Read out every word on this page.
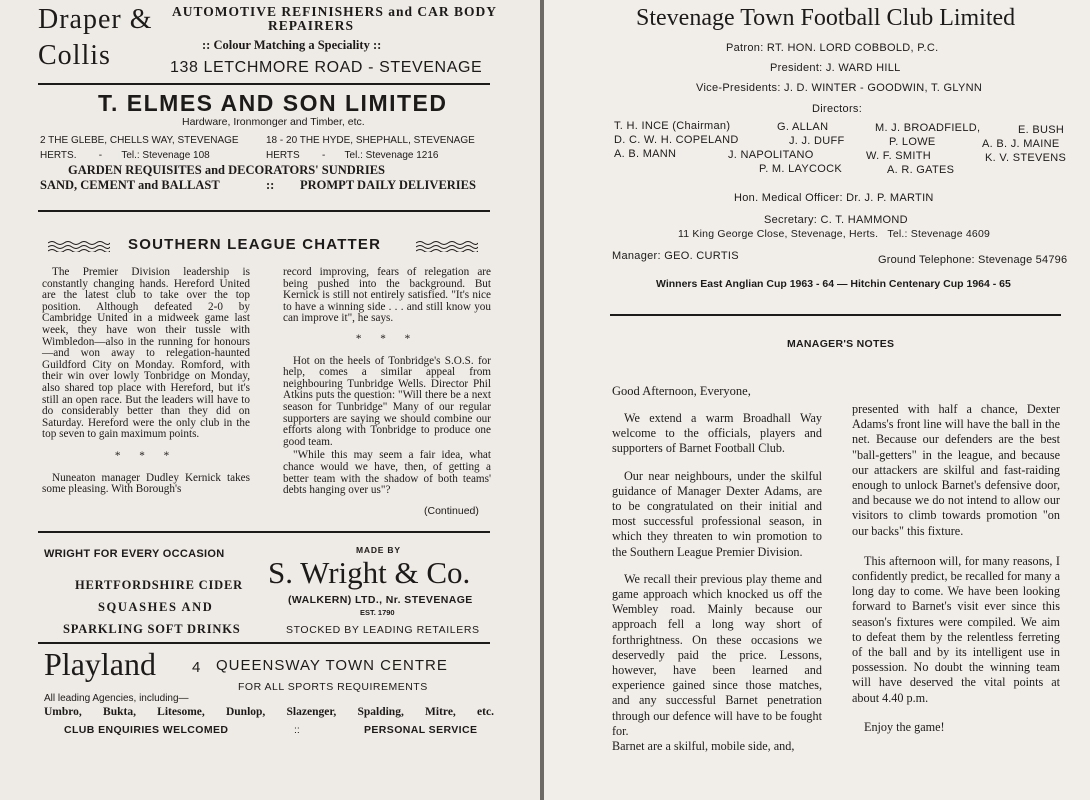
Draper &
Collis
AUTOMOTIVE REFINISHERS and CAR BODY
REPAIRERS
:: Colour Matching a Speciality ::
138 LETCHMORE ROAD - STEVENAGE
T. ELMES AND SON LIMITED
Hardware, Ironmonger and Timber, etc.
2 THE GLEBE, CHELLS WAY, STEVENAGE
HERTS.        -       Tel.: Stevenage 108
18 - 20 THE HYDE, SHEPHALL, STEVENAGE
HERTS        -       Tel.: Stevenage 1216
GARDEN REQUISITES and DECORATORS' SUNDRIES
SAND, CEMENT and BALLAST	:: PROMPT DAILY DELIVERIES
SOUTHERN LEAGUE CHATTER

The Premier Division leadership is constantly changing hands. Hereford United are the latest club to take over the top position. Although defeated 2-0 by Cambridge United in a midweek game last week, they have won their tussle with Wimbledon—also in the running for honours—and won away to relegation-haunted Guildford City on Monday. Romford, with their win over lowly Tonbridge on Monday, also shared top place with Hereford, but it's still an open race. But the leaders will have to do considerably better than they did on Saturday. Hereford were the only club in the top seven to gain maximum points.

* * *

Nuneaton manager Dudley Kernick takes some pleasing. With Borough's

record improving, fears of relegation are being pushed into the background. But Kernick is still not entirely satisfied. "It's nice to have a winning side . . . and still know you can improve it", he says.

* * *

Hot on the heels of Tonbridge's S.O.S. for help, comes a similar appeal from neighbouring Tunbridge Wells. Director Phil Atkins puts the question: "Will there be a next season for Tunbridge" Many of our regular supporters are saying we should combine our efforts along with Tonbridge to produce one good team.

"While this may seem a fair idea, what chance would we have, then, of getting a better team with the shadow of both teams' debts hanging over us"?

(Continued)
WRIGHT FOR EVERY OCCASION
HERTFORDSHIRE CIDER
SQUASHES AND
SPARKLING SOFT DRINKS
MADE BY
S. Wright & Co.
(WALKERN) LTD., Nr. STEVENAGE
EST. 1790
STOCKED BY LEADING RETAILERS
Playland 4 QUEENSWAY TOWN CENTRE
FOR ALL SPORTS REQUIREMENTS
All leading Agencies, including—
Umbro, Bukta, Litesome, Dunlop, Slazenger, Spalding, Mitre, etc.
CLUB ENQUIRIES WELCOMED	::	PERSONAL SERVICE
Stevenage Town Football Club Limited
Patron: RT. HON. LORD COBBOLD, P.C.
President: J. WARD HILL
Vice-Presidents: J. D. WINTER - GOODWIN, T. GLYNN
Directors:
T. H. INCE (Chairman)	G. ALLAN	M. J. BROADFIELD,	E. BUSH
D. C. W. H. COPELAND	J. J. DUFF	P. LOWE	A. B. J. MAINE
A. B. MANN	J. NAPOLITANO	W. F. SMITH	K. V. STEVENS
P. M. LAYCOCK	A. R. GATES
Hon. Medical Officer: Dr. J. P. MARTIN
Secretary: C. T. HAMMOND
11 King George Close, Stevenage, Herts.   Tel.: Stevenage 4609
Manager: GEO. CURTIS	Ground Telephone: Stevenage 54796
Winners East Anglian Cup 1963 - 64 — Hitchin Centenary Cup 1964 - 65
MANAGER'S NOTES
Good Afternoon, Everyone,

We extend a warm Broadhall Way welcome to the officials, players and supporters of Barnet Football Club.

Our near neighbours, under the skilful guidance of Manager Dexter Adams, are to be congratulated on their initial and most successful professional season, in which they threaten to win promotion to the Southern League Premier Division.

We recall their previous play theme and game approach which knocked us off the Wembley road. Mainly because our approach fell a long way short of forthrightness. On these occasions we deservedly paid the price. Lessons, however, have been learned and experience gained since those matches, and any successful Barnet penetration through our defence will have to be fought for.

Barnet are a skilful, mobile side, and,

presented with half a chance, Dexter Adams's front line will have the ball in the net. Because our defenders are the best "ball-getters" in the league, and because our attackers are skilful and fast-raiding enough to unlock Barnet's defensive door, and because we do not intend to allow our visitors to climb towards promotion "on our backs" this fixture.

This afternoon will, for many reasons, I confidently predict, be recalled for many a long day to come. We have been looking forward to Barnet's visit ever since this season's fixtures were compiled. We aim to defeat them by the relentless ferreting of the ball and by its intelligent use in possession. No doubt the winning team will have deserved the vital points at about 4.40 p.m.

Enjoy the game!
